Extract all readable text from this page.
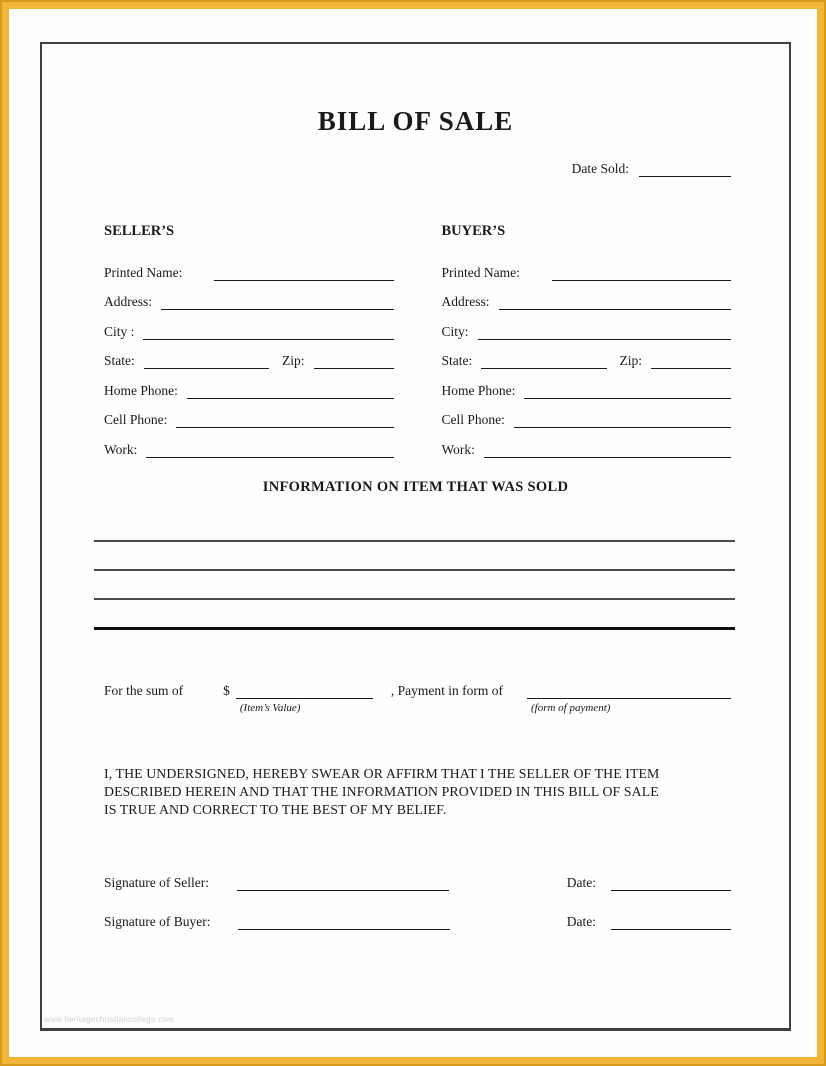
BILL OF SALE
Date Sold:
SELLER’S
Printed Name:
Address:
City :
State:	Zip:
Home Phone:
Cell Phone:
Work:
BUYER’S
Printed Name:
Address:
City:
State:	Zip:
Home Phone:
Cell Phone:
Work:
INFORMATION ON ITEM THAT WAS SOLD
For the sum of	$
(Item’s Value)
, Payment in form of
(form of payment)
I, THE UNDERSIGNED, HEREBY SWEAR OR AFFIRM THAT I THE SELLER OF THE ITEM
DESCRIBED HEREIN AND THAT THE INFORMATION PROVIDED IN THIS BILL OF SALE
IS TRUE AND CORRECT TO THE BEST OF MY BELIEF.
Signature of Seller:	Date:
Signature of Buyer:	Date:
www.heritagechristiancollege.com
